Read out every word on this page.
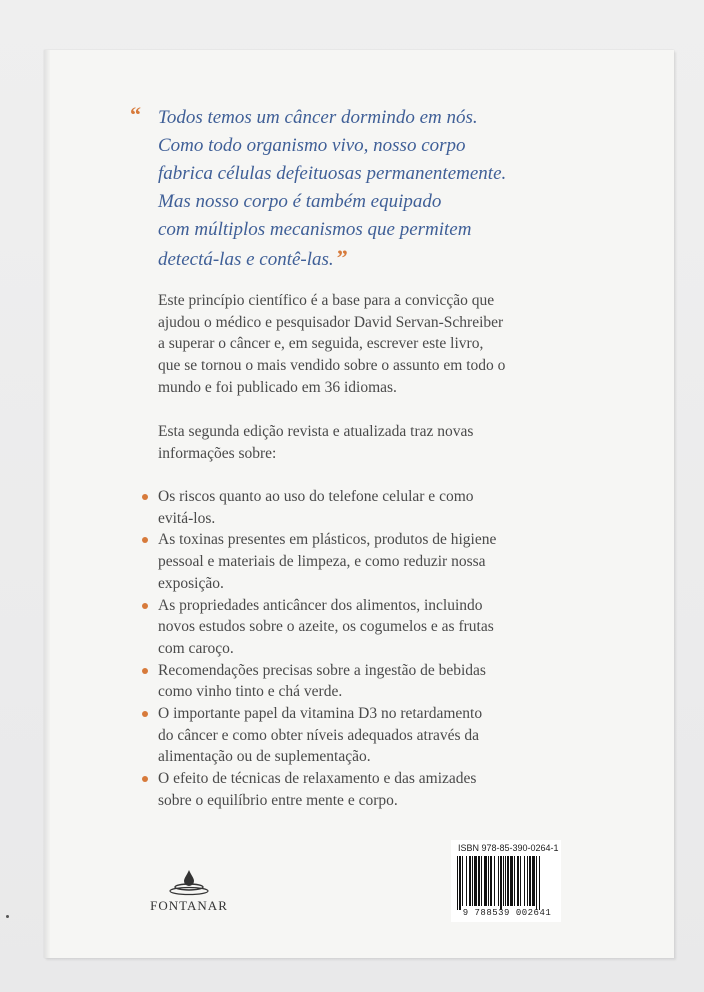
“ Todos temos um câncer dormindo em nós.
Como todo organismo vivo, nosso corpo
fabrica células defeituosas permanentemente.
Mas nosso corpo é também equipado
com múltiplos mecanismos que permitem
detectá-las e contê-las. ”
Este princípio científico é a base para a convicção que
ajudou o médico e pesquisador David Servan-Schreiber
a superar o câncer e, em seguida, escrever este livro,
que se tornou o mais vendido sobre o assunto em todo o
mundo e foi publicado em 36 idiomas.
Esta segunda edição revista e atualizada traz novas
informações sobre:
Os riscos quanto ao uso do telefone celular e como
evitá-los.
As toxinas presentes em plásticos, produtos de higiene
pessoal e materiais de limpeza, e como reduzir nossa
exposição.
As propriedades anticâncer dos alimentos, incluindo
novos estudos sobre o azeite, os cogumelos e as frutas
com caroço.
Recomendações precisas sobre a ingestão de bebidas
como vinho tinto e chá verde.
O importante papel da vitamina D3 no retardamento
do câncer e como obter níveis adequados através da
alimentação ou de suplementação.
O efeito de técnicas de relaxamento e das amizades
sobre o equilíbrio entre mente e corpo.
FONTANAR
ISBN 978-85-390-0264-1
9 788539 002641
